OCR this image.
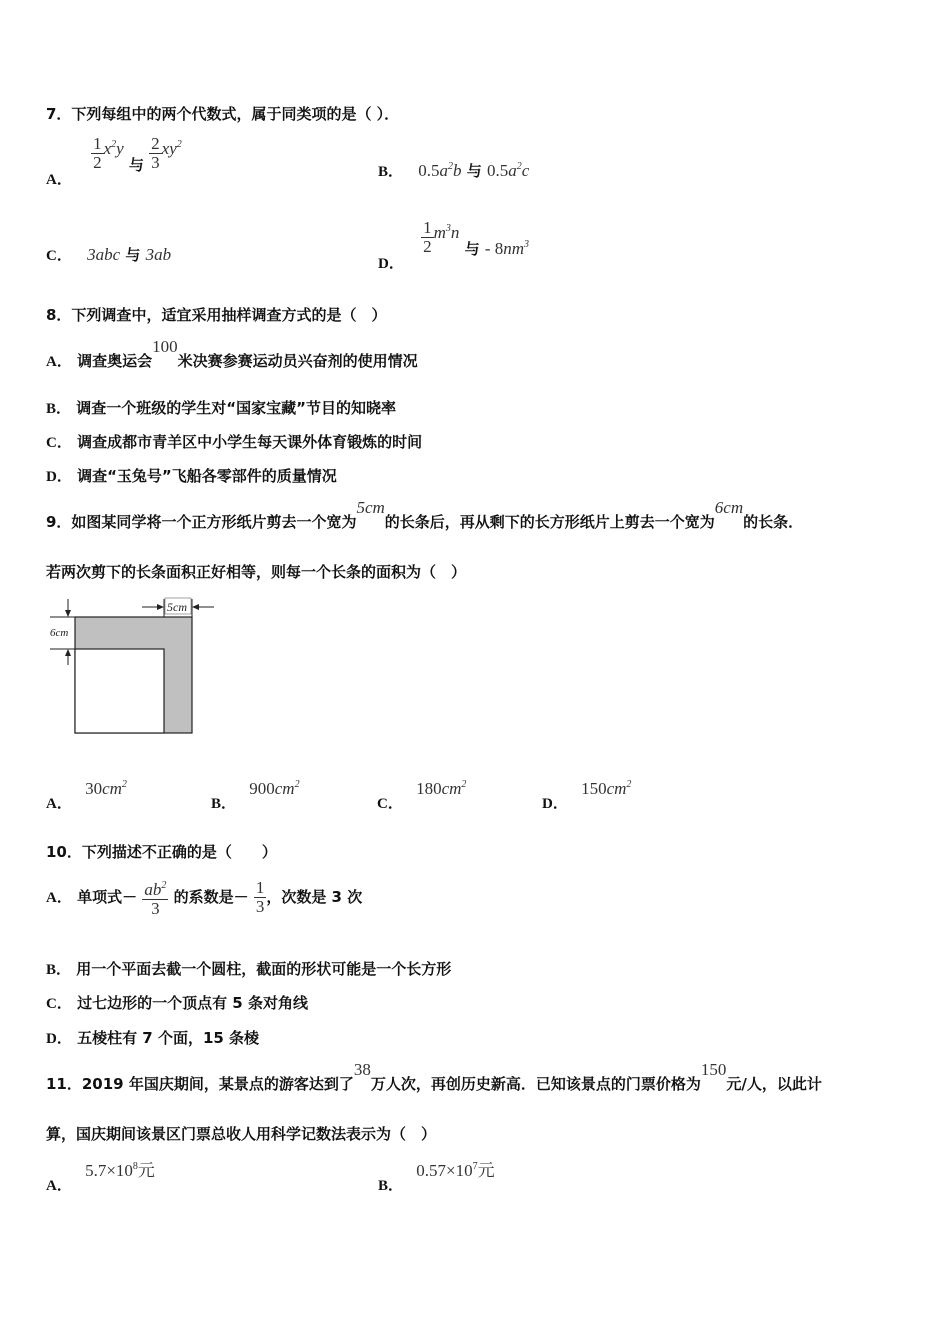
7．下列每组中的两个代数式，属于同类项的是（ ）．
A．
$\frac{1}{2} x^2y$ 与 $\frac{2}{3} xy^2$
B． $0.5a^2b$ 与 $0.5a^2c$
C． 3abc 与 3ab	D．
$\frac{1}{2} m^3n$ 与 - $8nm^3$
8．下列调查中，适宜采用抽样调查方式的是（　）
A． 调查奥运会100米决赛参赛运动员兴奋剂的使用情况
B． 调查一个班级的学生对“国家宝藏”节目的知晓率
C． 调查成都市青羊区中小学生每天课外体育锻炼的时间
D． 调查“玉兔号”飞船各零部件的质量情况
9．如图某同学将一个正方形纸片剪去一个宽为5cm的长条后，再从剩下的长方形纸片上剪去一个宽为6cm的长条．
若两次剪下的长条面积正好相等，则每一个长条的面积为（　）
5cm
6cm
A． $30cm^2$
B． $900cm^2$
C． $180cm^2$
D． $150cm^2$
10．下列描述不正确的是（　　）
A． 单项式－ $\frac{ab^2}{3}$ 的系数是－ $\frac{1}{3}$ ，次数是 3 次
B． 用一个平面去截一个圆柱，截面的形状可能是一个长方形
C． 过七边形的一个顶点有 5 条对角线
D． 五棱柱有 7 个面，15 条棱
11．2019 年国庆期间，某景点的游客达到了38万人次，再创历史新高．已知该景点的门票价格为150元/人，以此计
算，国庆期间该景区门票总收人用科学记数法表示为（　）
A． $5.7\times 10^8$元
B． $0.57\times 10^7$元
